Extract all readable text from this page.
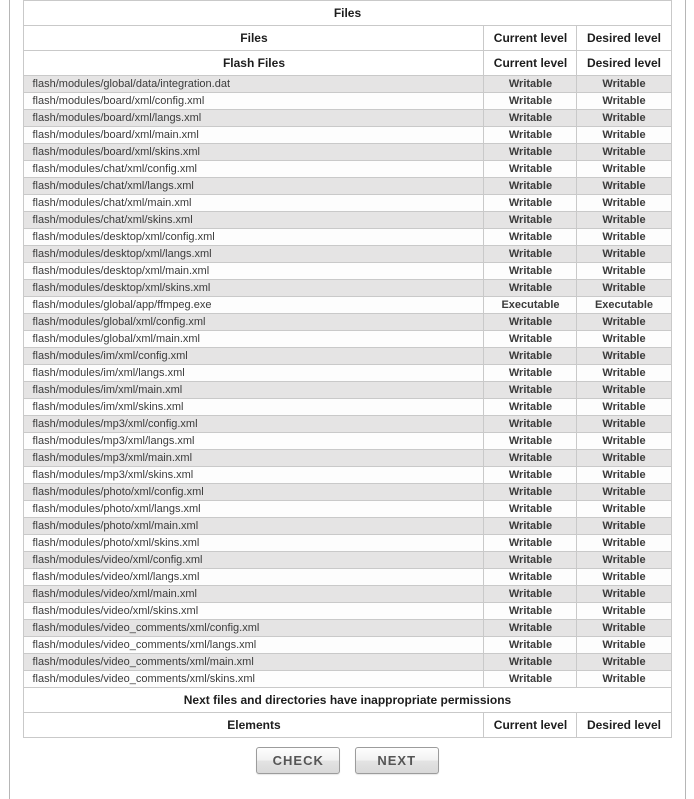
Files		
Files	Current level	Desired level
Flash Files	Current level	Desired level
flash/modules/global/data/integration.dat	Writable	Writable
flash/modules/board/xml/config.xml	Writable	Writable
flash/modules/board/xml/langs.xml	Writable	Writable
flash/modules/board/xml/main.xml	Writable	Writable
flash/modules/board/xml/skins.xml	Writable	Writable
flash/modules/chat/xml/config.xml	Writable	Writable
flash/modules/chat/xml/langs.xml	Writable	Writable
flash/modules/chat/xml/main.xml	Writable	Writable
flash/modules/chat/xml/skins.xml	Writable	Writable
flash/modules/desktop/xml/config.xml	Writable	Writable
flash/modules/desktop/xml/langs.xml	Writable	Writable
flash/modules/desktop/xml/main.xml	Writable	Writable
flash/modules/desktop/xml/skins.xml	Writable	Writable
flash/modules/global/app/ffmpeg.exe	Executable	Executable
flash/modules/global/xml/config.xml	Writable	Writable
flash/modules/global/xml/main.xml	Writable	Writable
flash/modules/im/xml/config.xml	Writable	Writable
flash/modules/im/xml/langs.xml	Writable	Writable
flash/modules/im/xml/main.xml	Writable	Writable
flash/modules/im/xml/skins.xml	Writable	Writable
flash/modules/mp3/xml/config.xml	Writable	Writable
flash/modules/mp3/xml/langs.xml	Writable	Writable
flash/modules/mp3/xml/main.xml	Writable	Writable
flash/modules/mp3/xml/skins.xml	Writable	Writable
flash/modules/photo/xml/config.xml	Writable	Writable
flash/modules/photo/xml/langs.xml	Writable	Writable
flash/modules/photo/xml/main.xml	Writable	Writable
flash/modules/photo/xml/skins.xml	Writable	Writable
flash/modules/video/xml/config.xml	Writable	Writable
flash/modules/video/xml/langs.xml	Writable	Writable
flash/modules/video/xml/main.xml	Writable	Writable
flash/modules/video/xml/skins.xml	Writable	Writable
flash/modules/video_comments/xml/config.xml	Writable	Writable
flash/modules/video_comments/xml/langs.xml	Writable	Writable
flash/modules/video_comments/xml/main.xml	Writable	Writable
flash/modules/video_comments/xml/skins.xml	Writable	Writable
Next files and directories have inappropriate permissions		
Elements	Current level	Desired level
CHECK	NEXT
